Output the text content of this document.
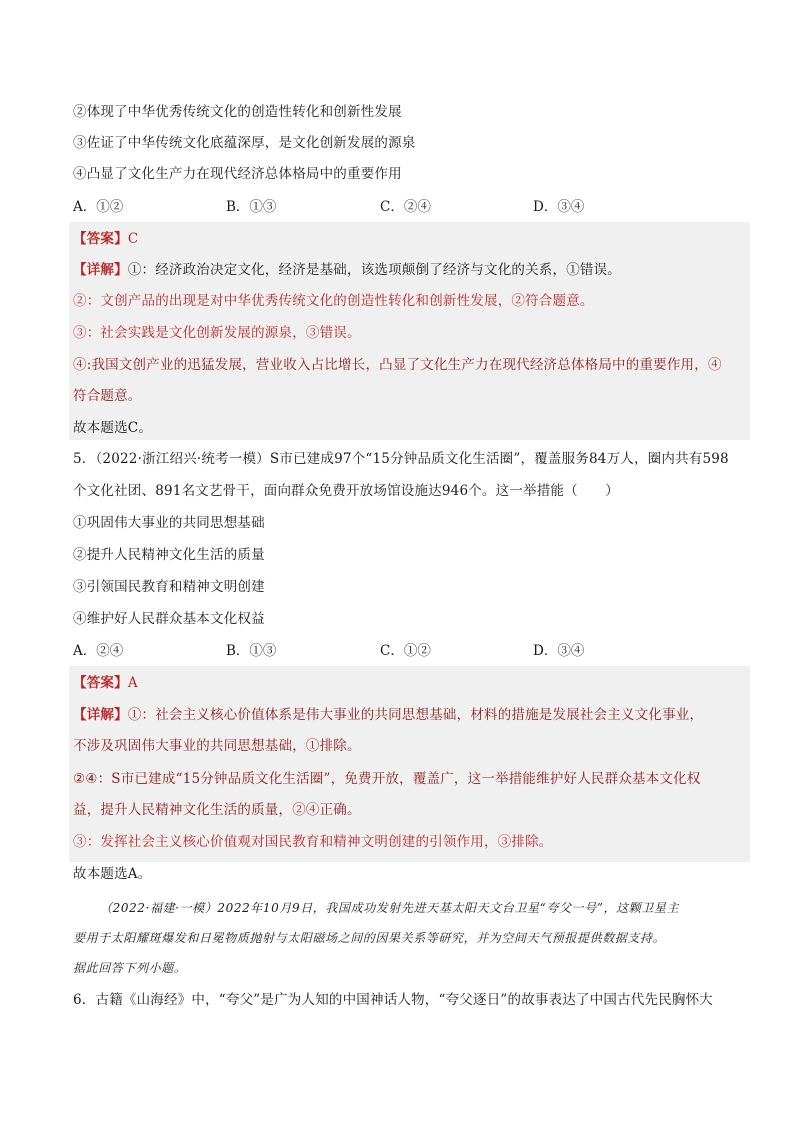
②体现了中华优秀传统文化的创造性转化和创新性发展
③佐证了中华传统文化底蕴深厚，是文化创新发展的源泉
④凸显了文化生产力在现代经济总体格局中的重要作用
A．①②	B．①③	C．②④	D．③④
【答案】C
【详解】①：经济政治决定文化，经济是基础，该选项颠倒了经济与文化的关系，①错误。
②：文创产品的出现是对中华优秀传统文化的创造性转化和创新性发展，②符合题意。
③：社会实践是文化创新发展的源泉，③错误。
④:我国文创产业的迅猛发展，营业收入占比增长，凸显了文化生产力在现代经济总体格局中的重要作用，④
符合题意。
故本题选C。
5．（2022·浙江绍兴·统考一模）S市已建成97个“15分钟品质文化生活圈”，覆盖服务84万人，圈内共有598
个文化社团、891名文艺骨干，面向群众免费开放场馆设施达946个。这一举措能（　　）
①巩固伟大事业的共同思想基础
②提升人民精神文化生活的质量
③引领国民教育和精神文明创建
④维护好人民群众基本文化权益
A．②④	B．①③	C．①②	D．③④
【答案】A
【详解】①：社会主义核心价值体系是伟大事业的共同思想基础，材料的措施是发展社会主义文化事业，
不涉及巩固伟大事业的共同思想基础，①排除。
②④：S市已建成“15分钟品质文化生活圈”，免费开放，覆盖广，这一举措能维护好人民群众基本文化权
益，提升人民精神文化生活的质量，②④正确。
③：发挥社会主义核心价值观对国民教育和精神文明创建的引领作用，③排除。
故本题选A。
（2022·福建·一模）2022年10月9日，我国成功发射先进天基太阳天文台卫星“夸父一号”，这颗卫星主
要用于太阳耀斑爆发和日冕物质抛射与太阳磁场之间的因果关系等研究，并为空间天气预报提供数据支持。
据此回答下列小题。
6．古籍《山海经》中，“夸父”是广为人知的中国神话人物，“夸父逐日”的故事表达了中国古代先民胸怀大
